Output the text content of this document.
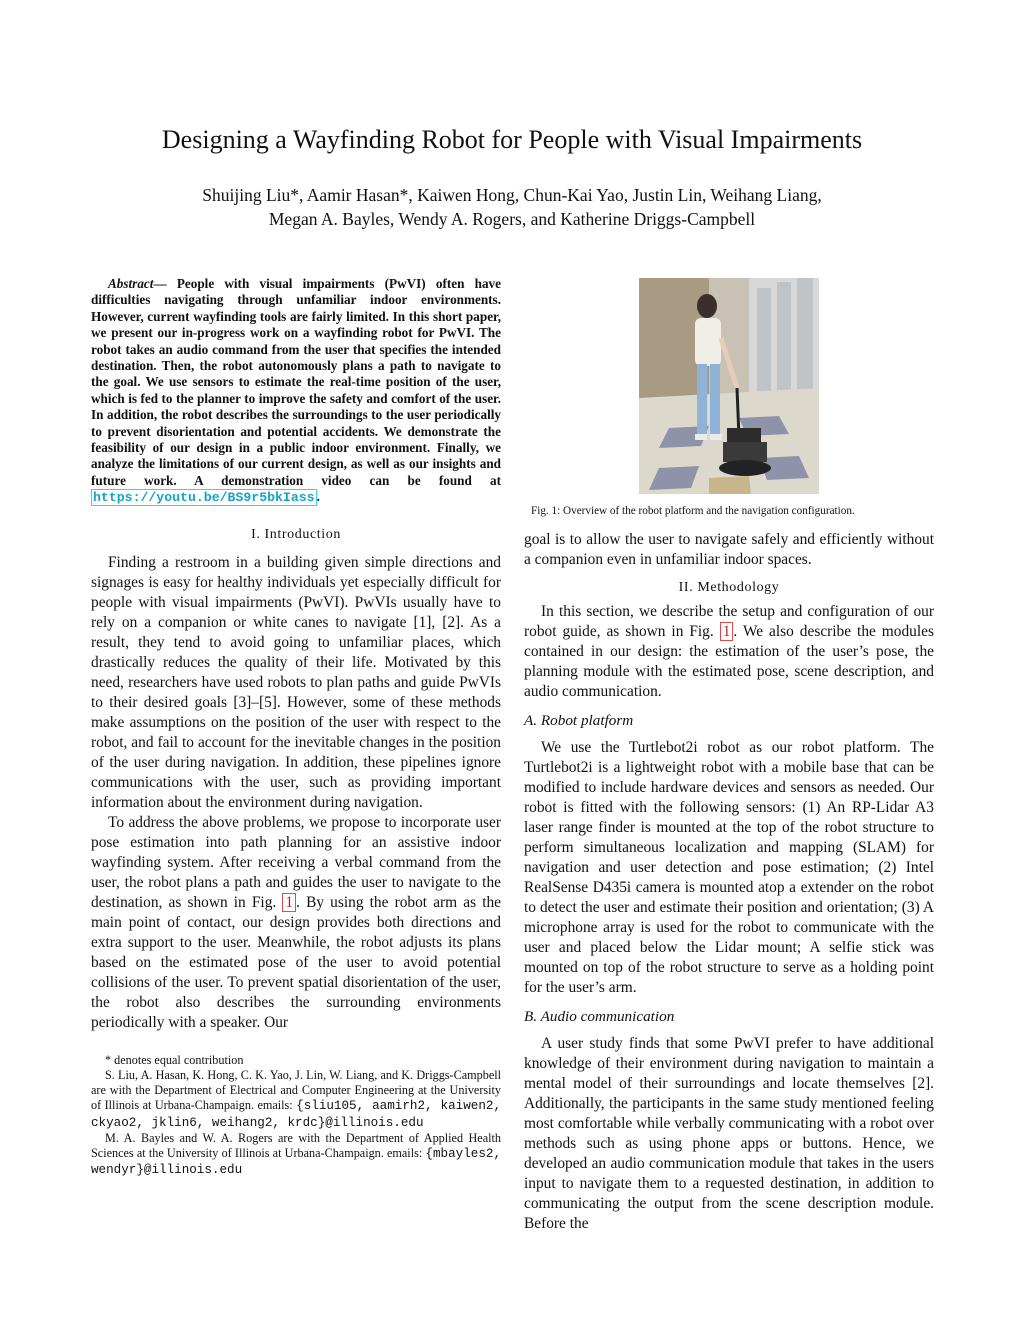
Designing a Wayfinding Robot for People with Visual Impairments
Shuijing Liu*, Aamir Hasan*, Kaiwen Hong, Chun-Kai Yao, Justin Lin, Weihang Liang,
Megan A. Bayles, Wendy A. Rogers, and Katherine Driggs-Campbell
Abstract— People with visual impairments (PwVI) often have difficulties navigating through unfamiliar indoor environments. However, current wayfinding tools are fairly limited. In this short paper, we present our in-progress work on a wayfinding robot for PwVI. The robot takes an audio command from the user that specifies the intended destination. Then, the robot autonomously plans a path to navigate to the goal. We use sensors to estimate the real-time position of the user, which is fed to the planner to improve the safety and comfort of the user. In addition, the robot describes the surroundings to the user periodically to prevent disorientation and potential accidents. We demonstrate the feasibility of our design in a public indoor environment. Finally, we analyze the limitations of our current design, as well as our insights and future work. A demonstration video can be found at https://youtu.be/BS9r5bkIass .

I. Introduction

Finding a restroom in a building given simple directions and signages is easy for healthy individuals yet especially difficult for people with visual impairments (PwVI). PwVIs usually have to rely on a companion or white canes to navigate [1], [2]. As a result, they tend to avoid going to unfamiliar places, which drastically reduces the quality of their life. Motivated by this need, researchers have used robots to plan paths and guide PwVIs to their desired goals [3]–[5]. However, some of these methods make assumptions on the position of the user with respect to the robot, and fail to account for the inevitable changes in the position of the user during navigation. In addition, these pipelines ignore communications with the user, such as providing important information about the environment during navigation.

To address the above problems, we propose to incorporate user pose estimation into path planning for an assistive indoor wayfinding system. After receiving a verbal command from the user, the robot plans a path and guides the user to navigate to the destination, as shown in Fig. 1 . By using the robot arm as the main point of contact, our design provides both directions and extra support to the user. Meanwhile, the robot adjusts its plans based on the estimated pose of the user to avoid potential collisions of the user. To prevent spatial disorientation of the user, the robot also describes the surrounding environments periodically with a speaker. Our

* denotes equal contribution

S. Liu, A. Hasan, K. Hong, C. K. Yao, J. Lin, W. Liang, and K. Driggs-Campbell are with the Department of Electrical and Computer Engineering at the University of Illinois at Urbana-Champaign. emails: {sliu105, aamirh2, kaiwen2, ckyao2, jklin6, weihang2, krdc}@illinois.edu

M. A. Bayles and W. A. Rogers are with the Department of Applied Health Sciences at the University of Illinois at Urbana-Champaign. emails: {mbayles2, wendyr}@illinois.edu

Fig. 1: Overview of the robot platform and the navigation configuration.

goal is to allow the user to navigate safely and efficiently without a companion even in unfamiliar indoor spaces.

II. Methodology

In this section, we describe the setup and configuration of our robot guide, as shown in Fig. 1 . We also describe the modules contained in our design: the estimation of the user’s pose, the planning module with the estimated pose, scene description, and audio communication.

A. Robot platform

We use the Turtlebot2i robot as our robot platform. The Turtlebot2i is a lightweight robot with a mobile base that can be modified to include hardware devices and sensors as needed. Our robot is fitted with the following sensors: (1) An RP-Lidar A3 laser range finder is mounted at the top of the robot structure to perform simultaneous localization and mapping (SLAM) for navigation and user detection and pose estimation; (2) Intel RealSense D435i camera is mounted atop a extender on the robot to detect the user and estimate their position and orientation; (3) A microphone array is used for the robot to communicate with the user and placed below the Lidar mount; A selfie stick was mounted on top of the robot structure to serve as a holding point for the user’s arm.

B. Audio communication

A user study finds that some PwVI prefer to have additional knowledge of their environment during navigation to maintain a mental model of their surroundings and locate themselves [2]. Additionally, the participants in the same study mentioned feeling most comfortable while verbally communicating with a robot over methods such as using phone apps or buttons. Hence, we developed an audio communication module that takes in the users input to navigate them to a requested destination, in addition to communicating the output from the scene description module. Before the
